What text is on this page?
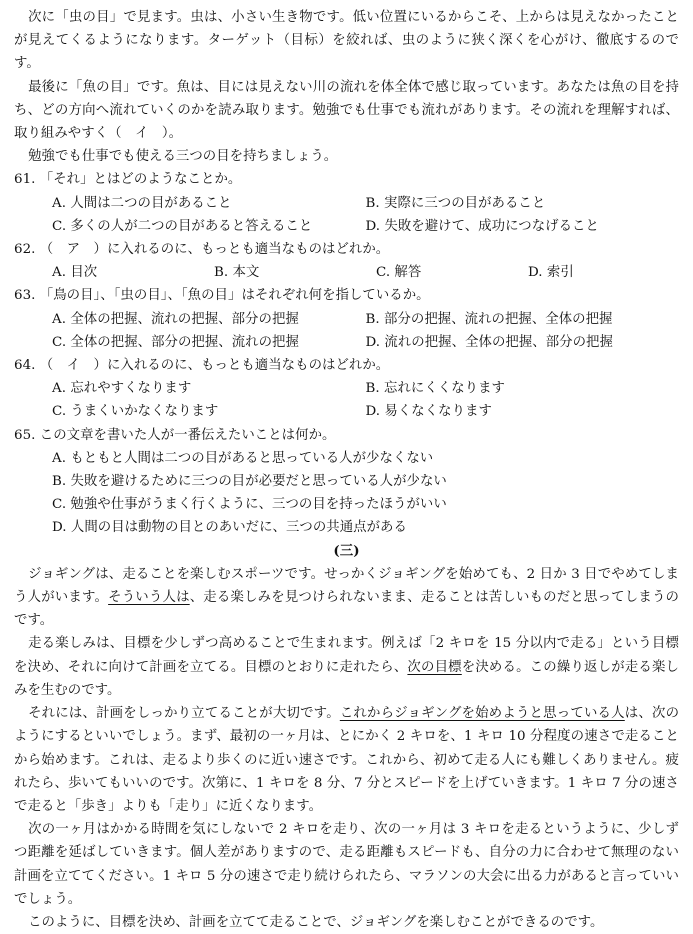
次に「虫の目」で見ます。虫は、小さい生き物です。低い位置にいるからこそ、上からは見えなかったことが見えてくるようになります。ターゲット（目标）を絞れば、虫のように狭く深くを心がけ、徹底するのです。

最後に「魚の目」です。魚は、目には見えない川の流れを体全体で感じ取っています。あなたは魚の目を持ち、どの方向へ流れていくのかを読み取ります。勉強でも仕事でも流れがあります。その流れを理解すれば、取り組みやすく（　イ　）。

勉強でも仕事でも使える三つの目を持ちましょう。

61. 「それ」とはどのようなことか。

A. 人間は二つの目があること	B. 実際に三つの目があること
C. 多くの人が二つの目があると答えること	D. 失敗を避けて、成功につなげること

62. （　ア　）に入れるのに、もっとも適当なものはどれか。

A. 目次	B. 本文	C. 解答	D. 索引

63. 「鳥の目」、「虫の目」、「魚の目」はそれぞれ何を指しているか。

A. 全体の把握、流れの把握、部分の把握	B. 部分の把握、流れの把握、全体の把握
C. 全体の把握、部分の把握、流れの把握	D. 流れの把握、全体の把握、部分の把握

64. （　イ　）に入れるのに、もっとも適当なものはどれか。

A. 忘れやすくなります	B. 忘れにくくなります
C. うまくいかなくなります	D. 易くなくなります

65. この文章を書いた人が一番伝えたいことは何か。

A. もともと人間は二つの目があると思っている人が少なくない
B. 失敗を避けるために三つの目が必要だと思っている人が少ない
C. 勉強や仕事がうまく行くように、三つの目を持ったほうがいい
D. 人間の目は動物の目とのあいだに、三つの共通点がある

(三)

ジョギングは、走ることを楽しむスポーツです。せっかくジョギングを始めても、2 日か 3 日でやめてしまう人がいます。そういう人は、走る楽しみを見つけられないまま、走ることは苦しいものだと思ってしまうのです。

走る楽しみは、目標を少しずつ高めることで生まれます。例えば「2 キロを 15 分以内で走る」という目標を決め、それに向けて計画を立てる。目標のとおりに走れたら、次の目標を決める。この繰り返しが走る楽しみを生むのです。

それには、計画をしっかり立てることが大切です。これからジョギングを始めようと思っている人は、次のようにするといいでしょう。まず、最初の一ヶ月は、とにかく 2 キロを、1 キロ 10 分程度の速さで走ることから始めます。これは、走るより歩くのに近い速さです。これから、初めて走る人にも難しくありません。疲れたら、歩いてもいいのです。次第に、1 キロを 8 分、7 分とスピードを上げていきます。1 キロ 7 分の速さで走ると「歩き」よりも「走り」に近くなります。

次の一ヶ月はかかる時間を気にしないで 2 キロを走り、次の一ヶ月は 3 キロを走るというように、少しずつ距離を延ばしていきます。個人差がありますので、走る距離もスピードも、自分の力に合わせて無理のない計画を立ててください。1 キロ 5 分の速さで走り続けられたら、マラソンの大会に出る力があると言っていいでしょう。

このように、目標を決め、計画を立てて走ることで、ジョギングを楽しむことができるのです。
